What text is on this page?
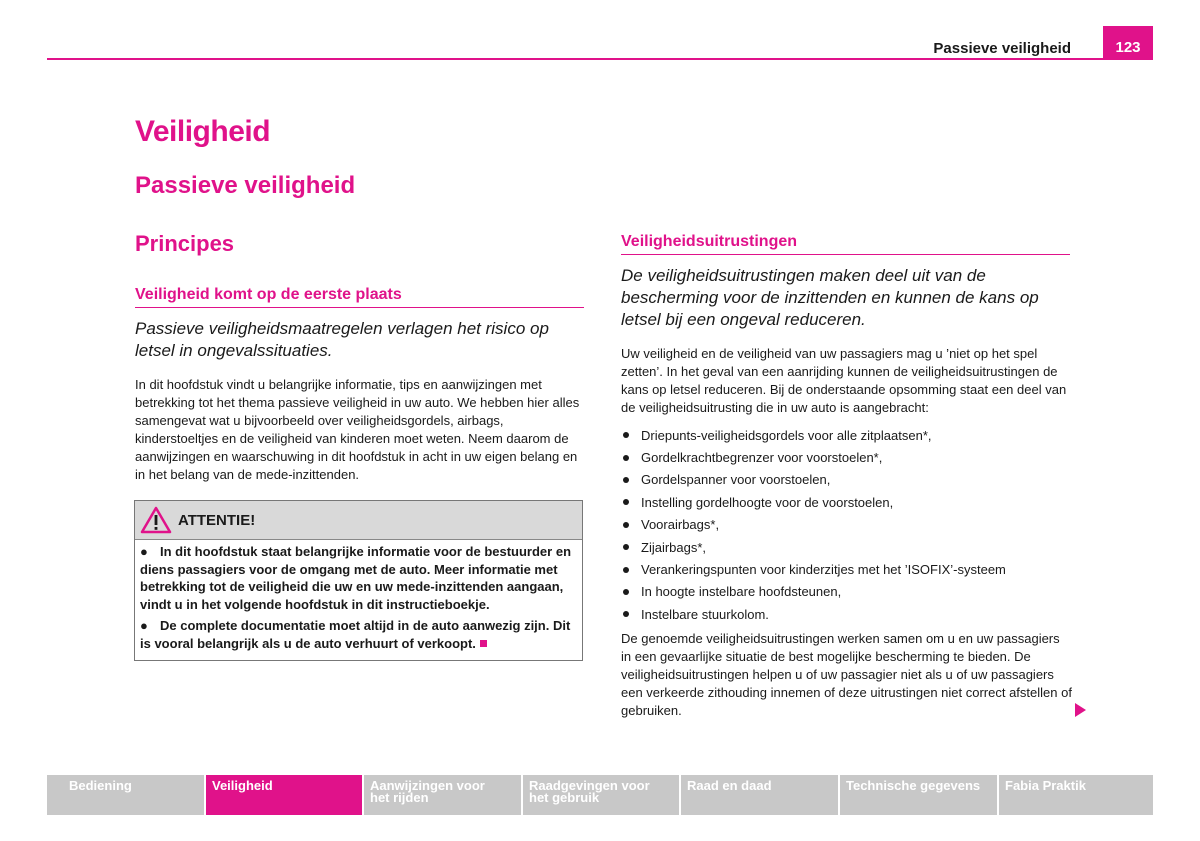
Passieve veiligheid	123
Veiligheid
Passieve veiligheid
Principes
Veiligheid komt op de eerste plaats
Passieve veiligheidsmaatregelen verlagen het risico op letsel in ongevalssituaties.
In dit hoofdstuk vindt u belangrijke informatie, tips en aanwijzingen met betrekking tot het thema passieve veiligheid in uw auto. We hebben hier alles samengevat wat u bijvoorbeeld over veiligheidsgordels, airbags, kinderstoeltjes en de veiligheid van kinderen moet weten. Neem daarom de aanwijzingen en waarschuwing in dit hoofdstuk in acht in uw eigen belang en in het belang van de mede-inzittenden.
ATTENTIE!

● In dit hoofdstuk staat belangrijke informatie voor de bestuurder en diens passagiers voor de omgang met de auto. Meer informatie met betrekking tot de veiligheid die uw en uw mede-inzittenden aangaan, vindt u in het volgende hoofdstuk in dit instructieboekje.

● De complete documentatie moet altijd in de auto aanwezig zijn. Dit is vooral belangrijk als u de auto verhuurt of verkoopt.

Veiligheidsuitrustingen
De veiligheidsuitrustingen maken deel uit van de bescherming voor de inzittenden en kunnen de kans op letsel bij een ongeval reduceren.
Uw veiligheid en de veiligheid van uw passagiers mag u ’niet op het spel zetten’. In het geval van een aanrijding kunnen de veiligheidsuitrustingen de kans op letsel reduceren. Bij de onderstaande opsomming staat een deel van de veiligheidsuitrusting die in uw auto is aangebracht:
Driepunts-veiligheidsgordels voor alle zitplaatsen*,
Gordelkrachtbegrenzer voor voorstoelen*,
Gordelspanner voor voorstoelen,
Instelling gordelhoogte voor de voorstoelen,
Voorairbags*,
Zijairbags*,
Verankeringspunten voor kinderzitjes met het ’ISOFIX’-systeem
In hoogte instelbare hoofdsteunen,
Instelbare stuurkolom.
De genoemde veiligheidsuitrustingen werken samen om u en uw passagiers in een gevaarlijke situatie de best mogelijke bescherming te bieden. De veiligheidsuitrustingen helpen u of uw passagier niet als u of uw passagiers een verkeerde zithouding innemen of deze uitrustingen niet correct afstellen of gebruiken.
Bediening	Veiligheid	Aanwijzingen voor
het rijden
Raadgevingen voor
het gebruik
Raad en daad	Technische gegevens	Fabia Praktik
